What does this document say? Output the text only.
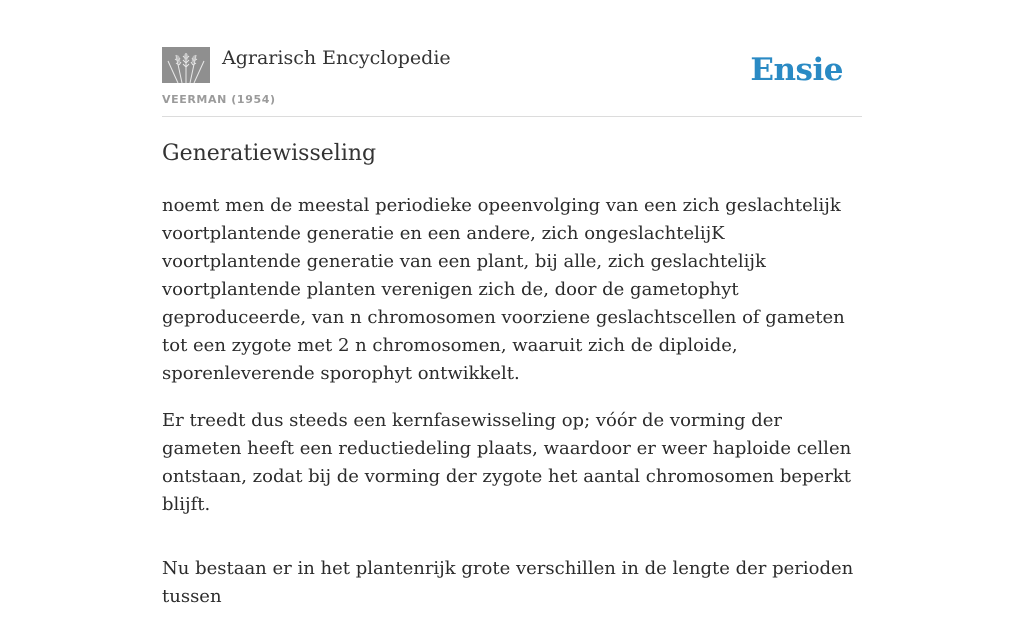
Agrarisch Encyclopedie
VEERMAN (1954)
Ensie
Generatiewisseling

noemt men de meestal periodieke opeenvolging van een zich geslachtelijk voortplantende generatie en een andere, zich ongeslachtelijK voortplantende generatie van een plant, bij alle, zich geslachtelijk voortplantende planten verenigen zich de, door de gametophyt geproduceerde, van n chromosomen voorziene geslachtscellen of gameten tot een zygote met 2 n chromosomen, waaruit zich de diploide, sporenleverende sporophyt ontwikkelt.

Er treedt dus steeds een kernfasewisseling op; vóór de vorming der gameten heeft een reductiedeling plaats, waardoor er weer haploide cellen ontstaan, zodat bij de vorming der zygote het aantal chromosomen beperkt blijft.

Nu bestaan er in het plantenrijk grote verschillen in de lengte der perioden tussen
